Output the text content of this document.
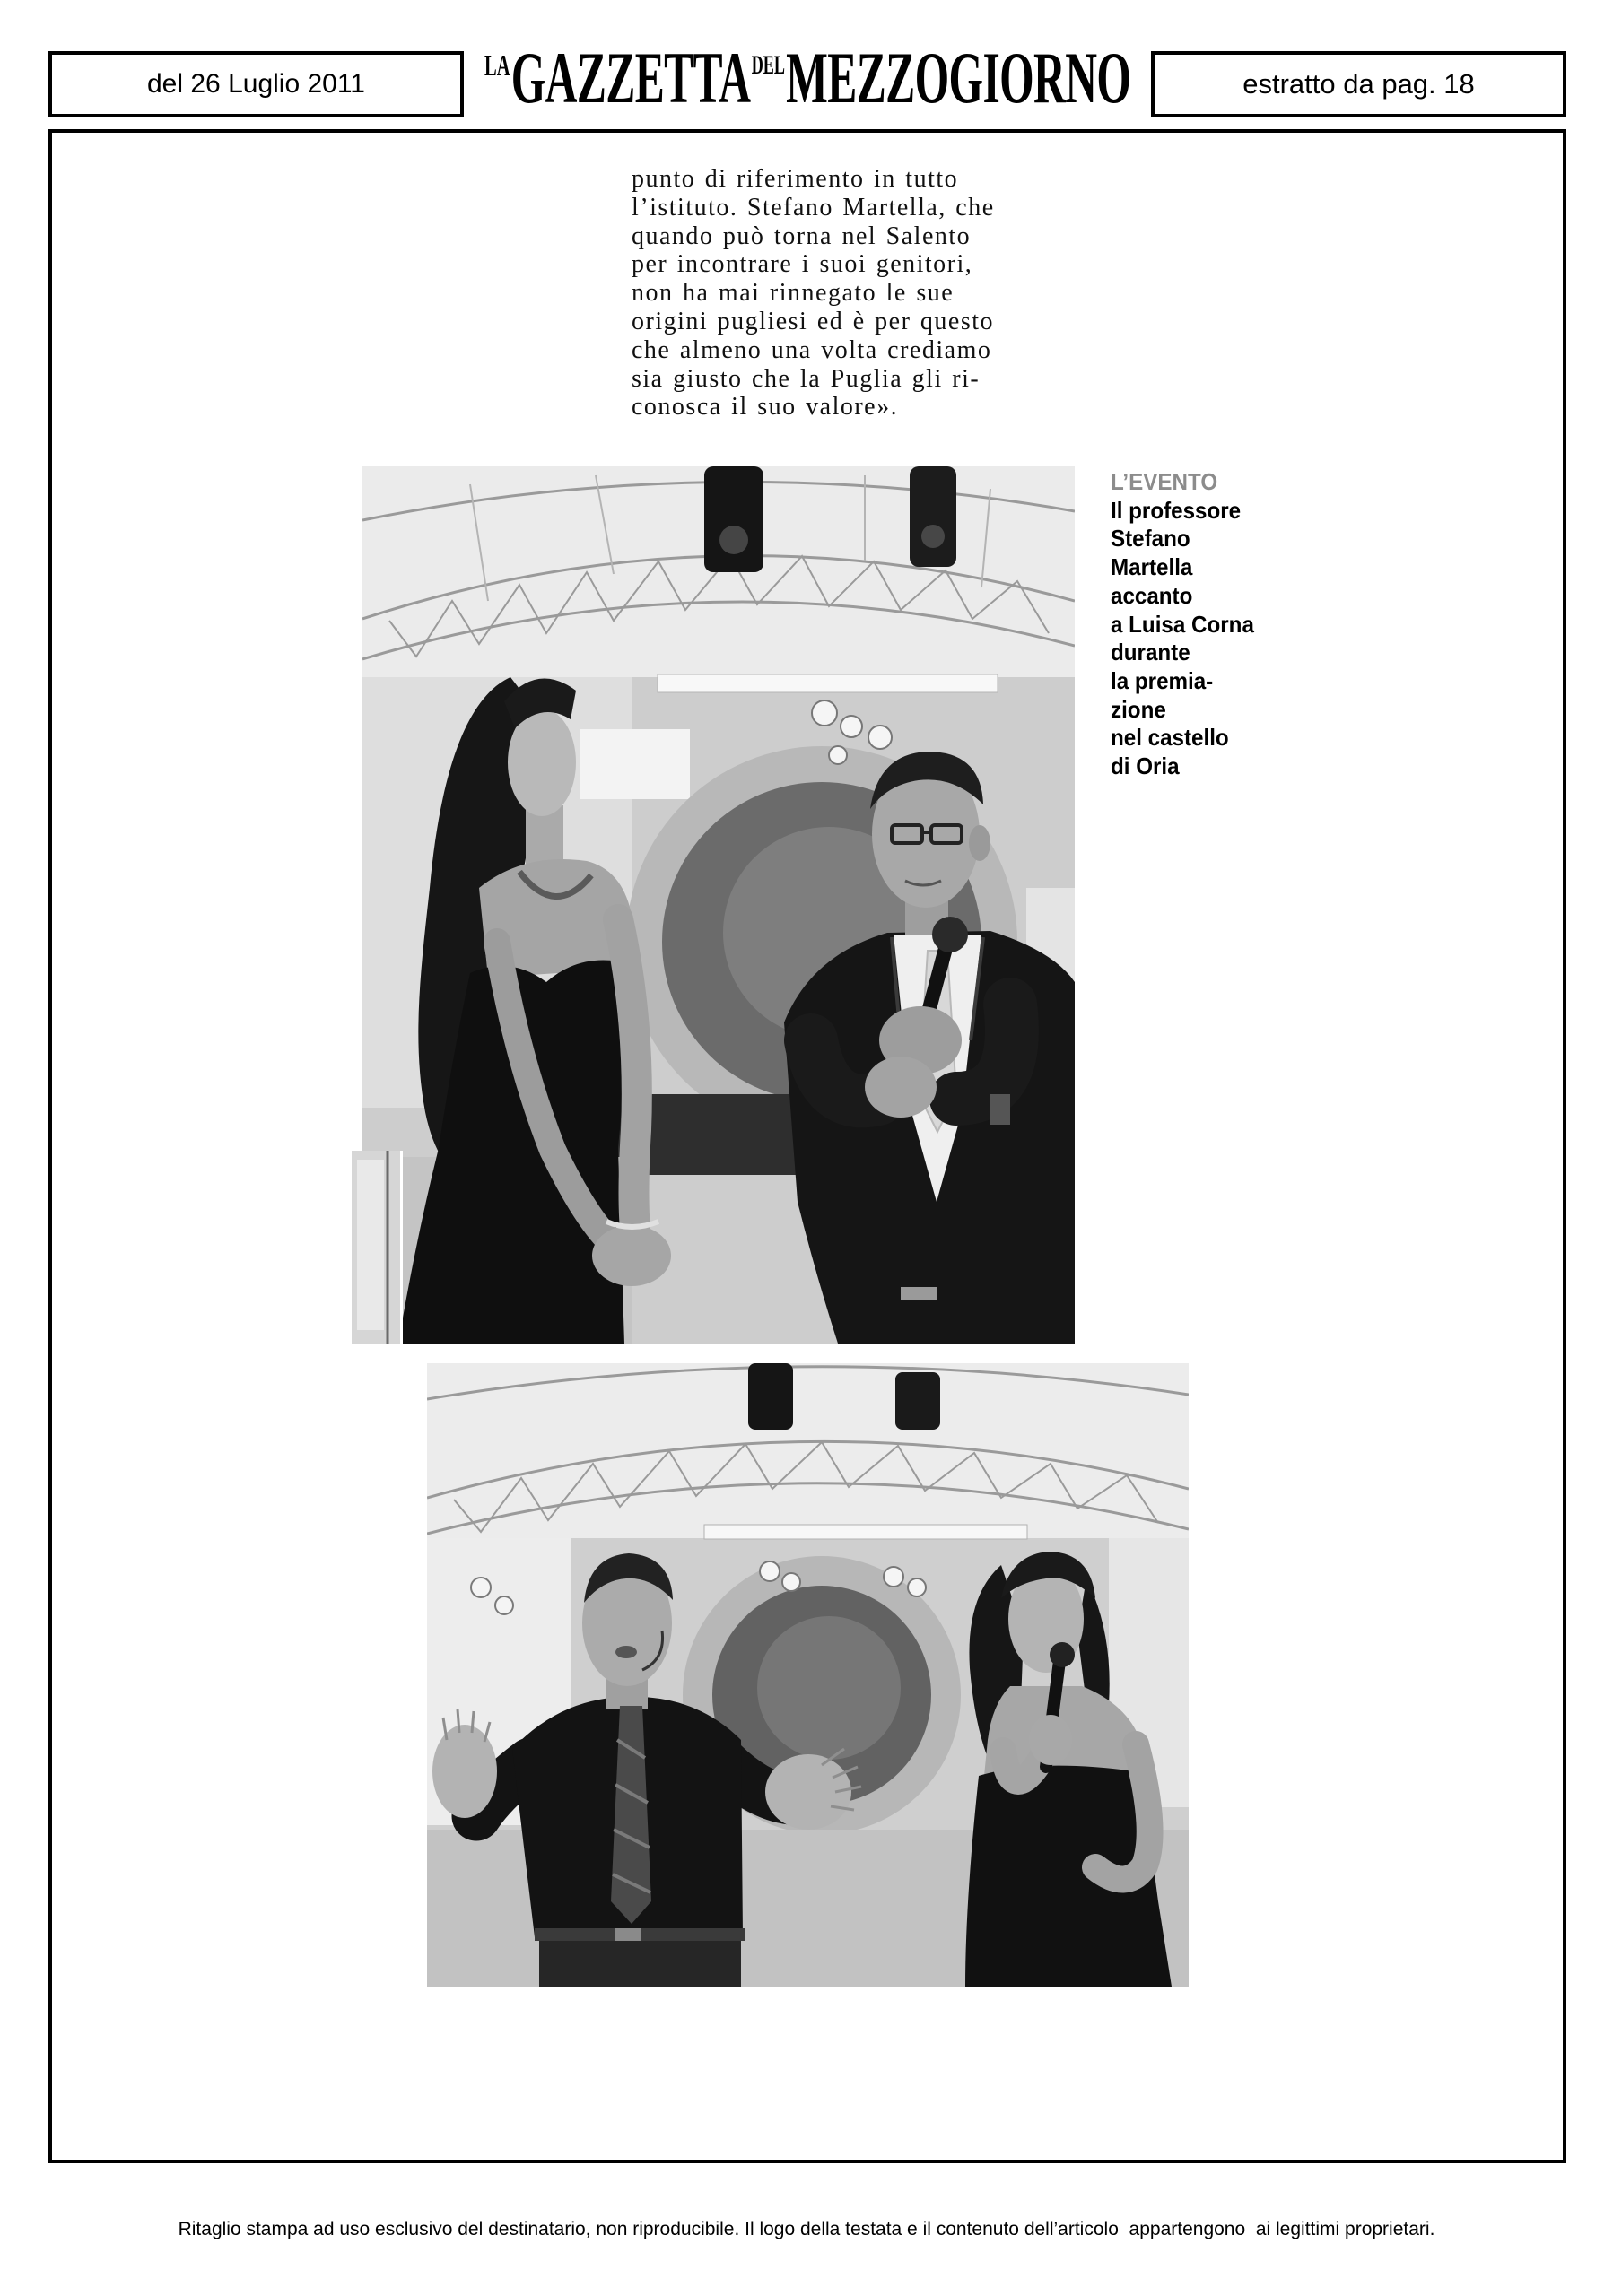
del 26 Luglio 2011
$^{LA}GAZZETTA^{DEL}MEZZOGIORNO$	estratto da pag. 18
punto di riferimento in tutto
l’istituto. Stefano Martella, che
quando può torna nel Salento
per incontrare i suoi genitori,
non ha mai rinnegato le sue
origini pugliesi ed è per questo
che almeno una volta crediamo
sia giusto che la Puglia gli ri-
conosca il suo valore».
L’EVENTO
Il professore
Stefano
Martella
accanto
a Luisa Corna
durante
la premia-
zione
nel castello
di Oria
Ritaglio stampa ad uso esclusivo del destinatario, non riproducibile. Il logo della testata e il contenuto dell’articolo  appartengono  ai legittimi proprietari.
